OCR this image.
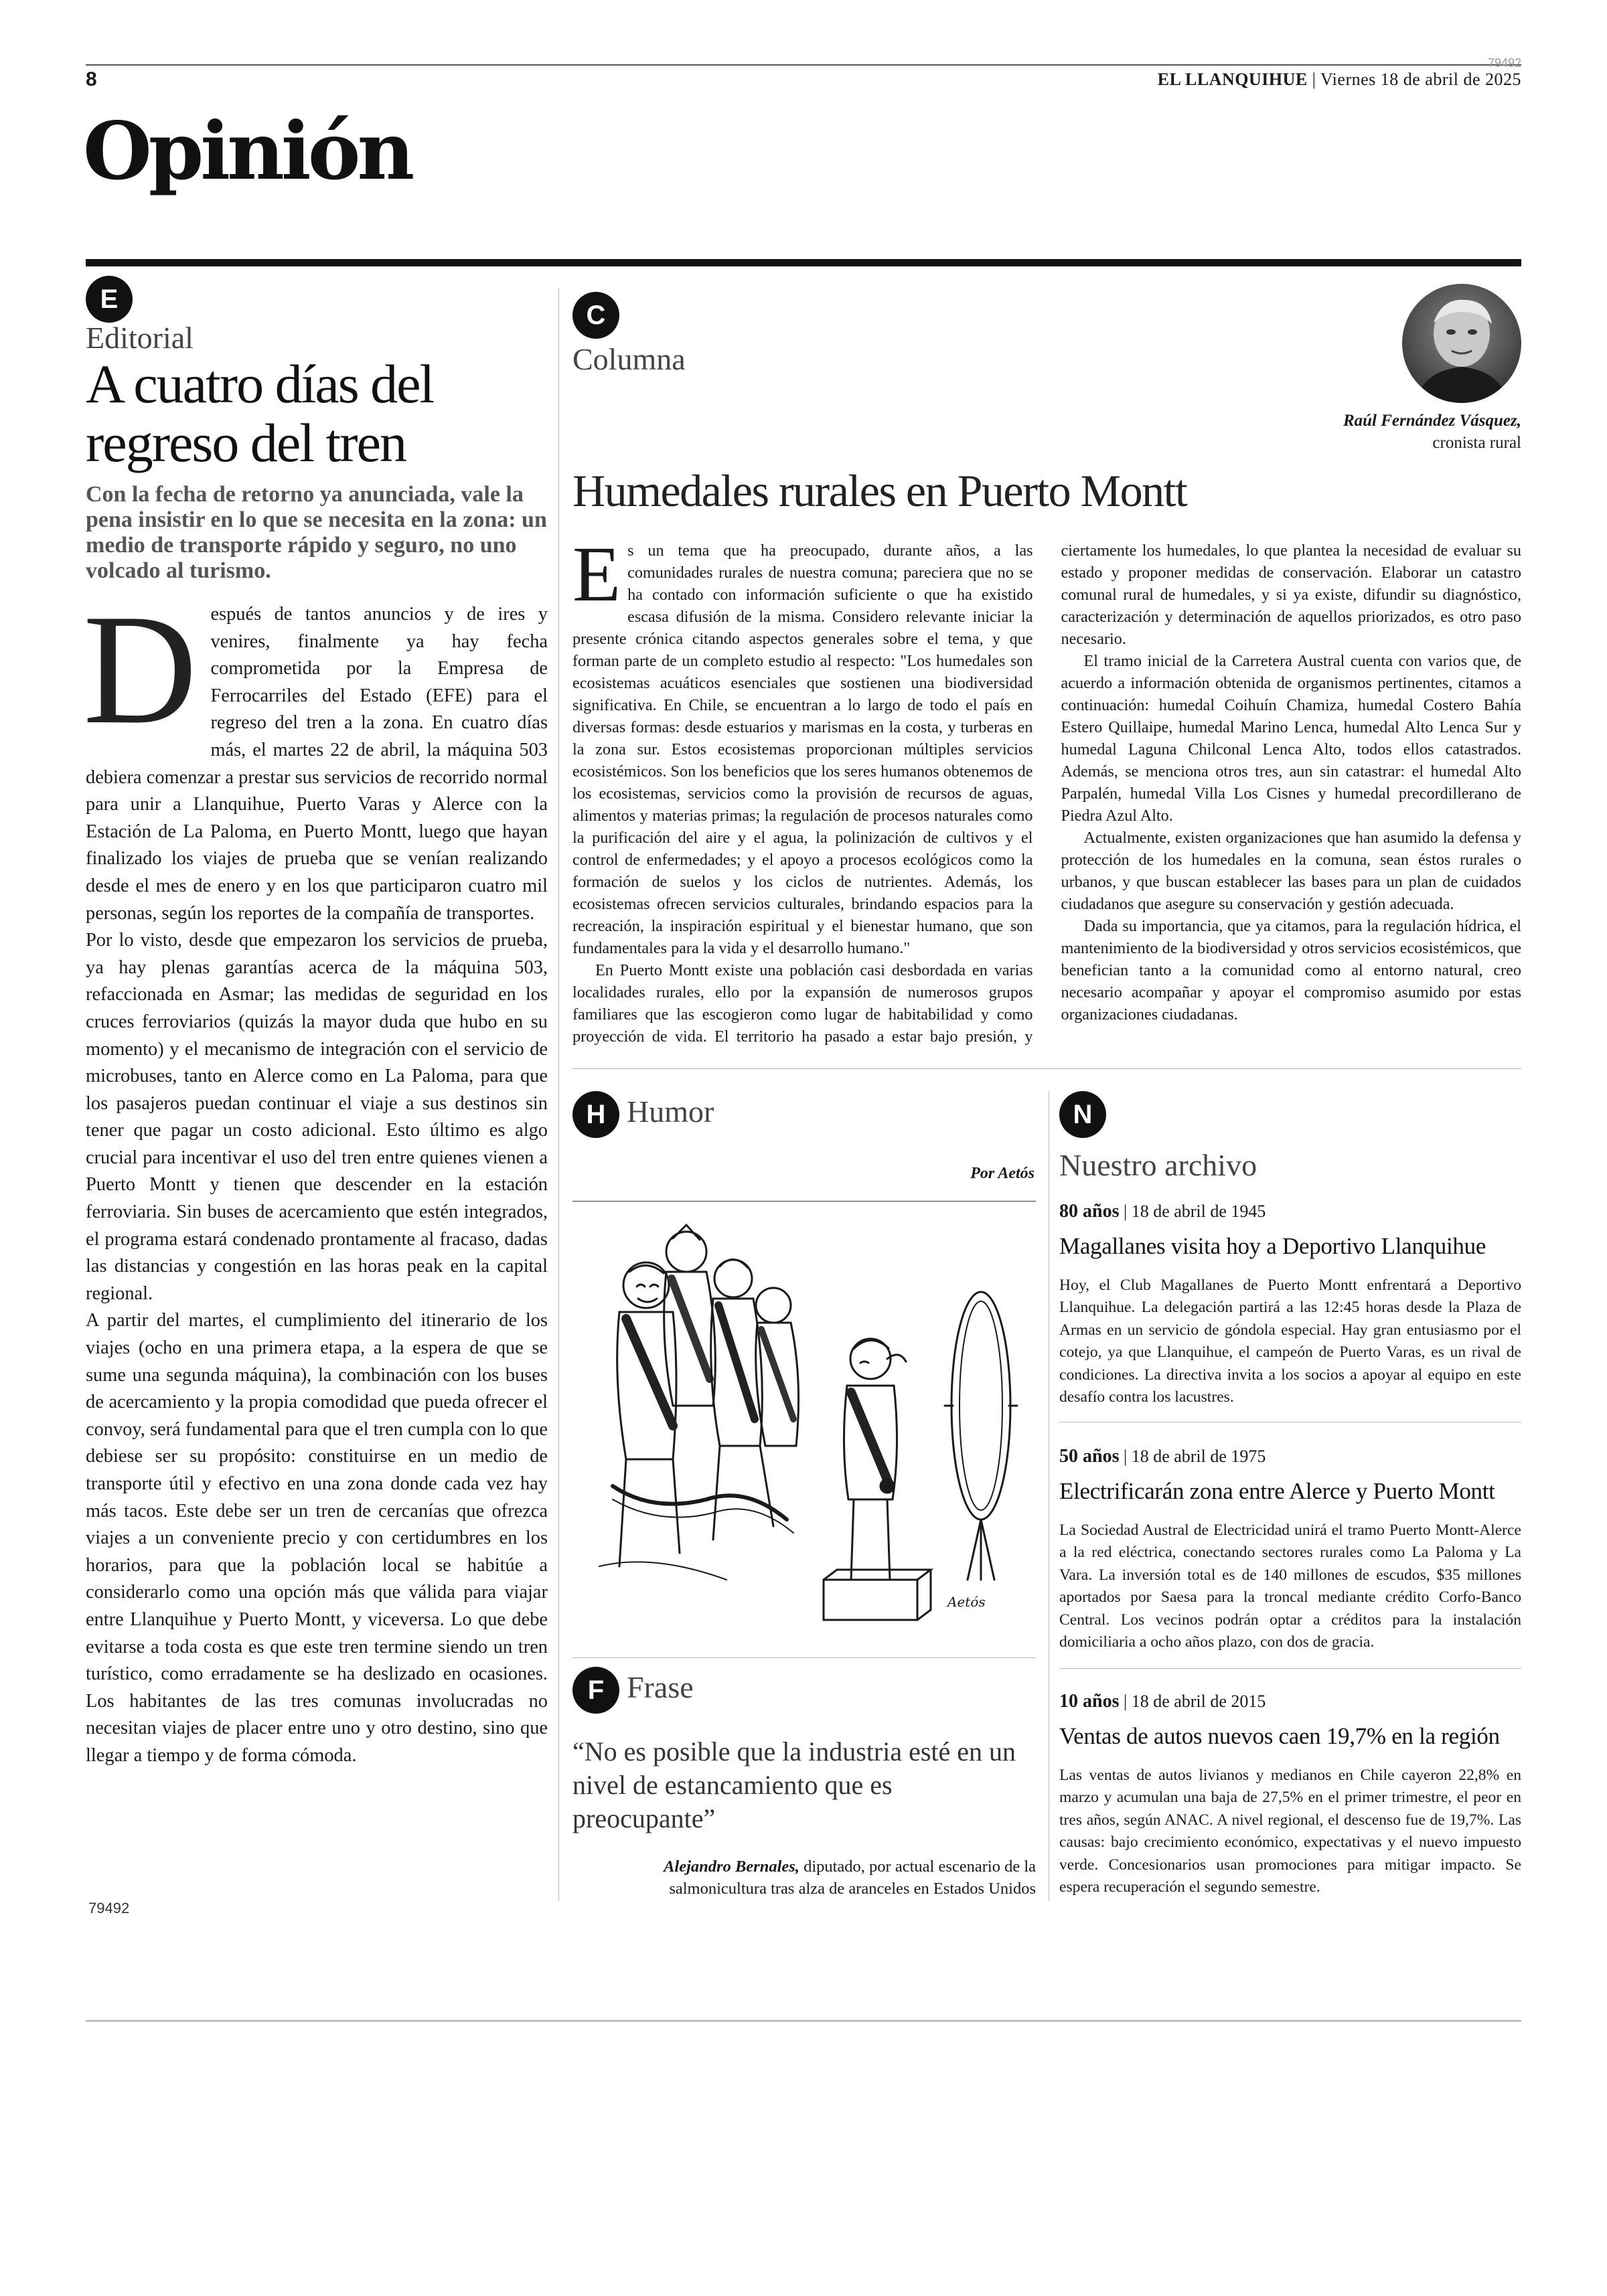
8
79492
EL LLANQUIHUE | Viernes 18 de abril de 2025
Opinión
E
Editorial
A cuatro días del regreso del tren
Con la fecha de retorno ya anunciada, vale la pena insistir en lo que se necesita en la zona: un medio de transporte rápido y seguro, no uno volcado al turismo.

Después de tantos anuncios y de ires y venires, finalmente ya hay fecha comprometida por la Empresa de Ferrocarriles del Estado (EFE) para el regreso del tren a la zona. En cuatro días más, el martes 22 de abril, la máquina 503 debiera comenzar a prestar sus servicios de recorrido normal para unir a Llanquihue, Puerto Varas y Alerce con la Estación de La Paloma, en Puerto Montt, luego que hayan finalizado los viajes de prueba que se venían realizando desde el mes de enero y en los que participaron cuatro mil personas, según los reportes de la compañía de transportes.

Por lo visto, desde que empezaron los servicios de prueba, ya hay plenas garantías acerca de la máquina 503, refaccionada en Asmar; las medidas de seguridad en los cruces ferroviarios (quizás la mayor duda que hubo en su momento) y el mecanismo de integración con el servicio de microbuses, tanto en Alerce como en La Paloma, para que los pasajeros puedan continuar el viaje a sus destinos sin tener que pagar un costo adicional. Esto último es algo crucial para incentivar el uso del tren entre quienes vienen a Puerto Montt y tienen que descender en la estación ferroviaria. Sin buses de acercamiento que estén integrados, el programa estará condenado prontamente al fracaso, dadas las distancias y congestión en las horas peak en la capital regional.

A partir del martes, el cumplimiento del itinerario de los viajes (ocho en una primera etapa, a la espera de que se sume una segunda máquina), la combinación con los buses de acercamiento y la propia comodidad que pueda ofrecer el convoy, será fundamental para que el tren cumpla con lo que debiese ser su propósito: constituirse en un medio de transporte útil y efectivo en una zona donde cada vez hay más tacos. Este debe ser un tren de cercanías que ofrezca viajes a un conveniente precio y con certidumbres en los horarios, para que la población local se habitúe a considerarlo como una opción más que válida para viajar entre Llanquihue y Puerto Montt, y viceversa. Lo que debe evitarse a toda costa es que este tren termine siendo un tren turístico, como erradamente se ha deslizado en ocasiones. Los habitantes de las tres comunas involucradas no necesitan viajes de placer entre uno y otro destino, sino que llegar a tiempo y de forma cómoda.

79492
C
Columna
Raúl Fernández Vásquez,
cronista rural
Humedales rurales en Puerto Montt

Es un tema que ha preocupado, durante años, a las comunidades rurales de nuestra comuna; pareciera que no se ha contado con información suficiente o que ha existido escasa difusión de la misma. Considero relevante iniciar la presente crónica citando aspectos generales sobre el tema, y que forman parte de un completo estudio al respecto: "Los humedales son ecosistemas acuáticos esenciales que sostienen una biodiversidad significativa. En Chile, se encuentran a lo largo de todo el país en diversas formas: desde estuarios y marismas en la costa, y turberas en la zona sur. Estos ecosistemas proporcionan múltiples servicios ecosistémicos. Son los beneficios que los seres humanos obtenemos de los ecosistemas, servicios como la provisión de recursos de aguas, alimentos y materias primas; la regulación de procesos naturales como la purificación del aire y el agua, la polinización de cultivos y el control de enfermedades; y el apoyo a procesos ecológicos como la formación de suelos y los ciclos de nutrientes. Además, los ecosistemas ofrecen servicios culturales, brindando espacios para la recreación, la inspiración espiritual y el bienestar humano, que son fundamentales para la vida y el desarrollo humano."

En Puerto Montt existe una población casi desbordada en varias localidades rurales, ello por la expansión de numerosos grupos familiares que las escogieron como lugar de habitabilidad y como proyección de vida. El territorio ha pasado a estar bajo presión, y ciertamente los humedales, lo que plantea la necesidad de evaluar su estado y proponer medidas de conservación. Elaborar un catastro comunal rural de humedales, y si ya existe, difundir su diagnóstico, caracterización y determinación de aquellos priorizados, es otro paso necesario.

El tramo inicial de la Carretera Austral cuenta con varios que, de acuerdo a información obtenida de organismos pertinentes, citamos a continuación: humedal Coihuín Chamiza, humedal Costero Bahía Estero Quillaipe, humedal Marino Lenca, humedal Alto Lenca Sur y humedal Laguna Chilconal Lenca Alto, todos ellos catastrados. Además, se menciona otros tres, aun sin catastrar: el humedal Alto Parpalén, humedal Villa Los Cisnes y humedal precordillerano de Piedra Azul Alto.

Actualmente, existen organizaciones que han asumido la defensa y protección de los humedales en la comuna, sean éstos rurales o urbanos, y que buscan establecer las bases para un plan de cuidados ciudadanos que asegure su conservación y gestión adecuada.

Dada su importancia, que ya citamos, para la regulación hídrica, el mantenimiento de la biodiversidad y otros servicios ecosistémicos, que benefician tanto a la comunidad como al entorno natural, creo necesario acompañar y apoyar el compromiso asumido por estas organizaciones ciudadanas.

H Humor
Por Aetós
Aetós
F Frase
“No es posible que la industria esté en un nivel de estancamiento que es preocupante”
Alejandro Bernales, diputado, por actual escenario de la salmonicultura tras alza de aranceles en Estados Unidos
N
Nuestro archivo
80 años | 18 de abril de 1945
Magallanes visita hoy a Deportivo Llanquihue
Hoy, el Club Magallanes de Puerto Montt enfrentará a Deportivo Llanquihue. La delegación partirá a las 12:45 horas desde la Plaza de Armas en un servicio de góndola especial. Hay gran entusiasmo por el cotejo, ya que Llanquihue, el campeón de Puerto Varas, es un rival de condiciones. La directiva invita a los socios a apoyar al equipo en este desafío contra los lacustres.
50 años | 18 de abril de 1975
Electrificarán zona entre Alerce y Puerto Montt
La Sociedad Austral de Electricidad unirá el tramo Puerto Montt-Alerce a la red eléctrica, conectando sectores rurales como La Paloma y La Vara. La inversión total es de 140 millones de escudos, $35 millones aportados por Saesa para la troncal mediante crédito Corfo-Banco Central. Los vecinos podrán optar a créditos para la instalación domiciliaria a ocho años plazo, con dos de gracia.
10 años | 18 de abril de 2015
Ventas de autos nuevos caen 19,7% en la región
Las ventas de autos livianos y medianos en Chile cayeron 22,8% en marzo y acumulan una baja de 27,5% en el primer trimestre, el peor en tres años, según ANAC. A nivel regional, el descenso fue de 19,7%. Las causas: bajo crecimiento económico, expectativas y el nuevo impuesto verde. Concesionarios usan promociones para mitigar impacto. Se espera recuperación el segundo semestre.
